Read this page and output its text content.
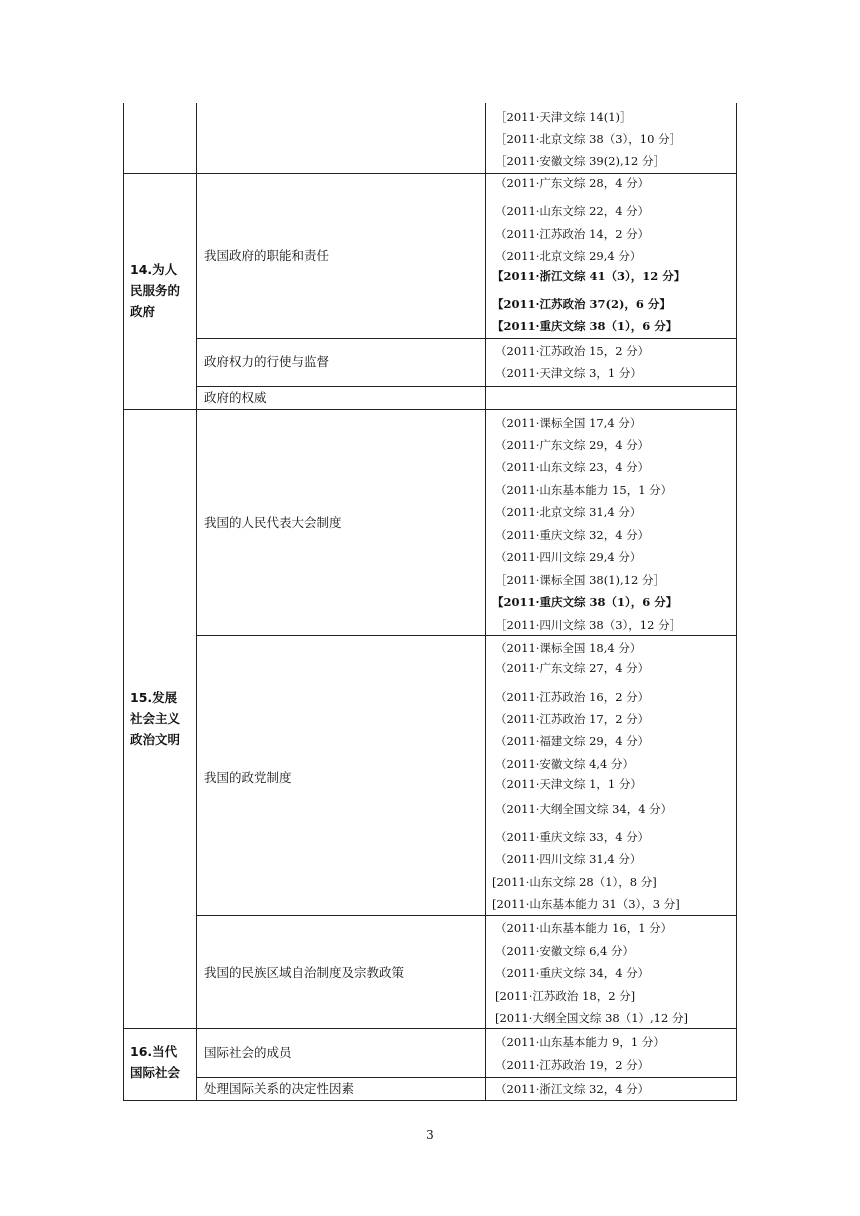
［2011·天津文综 14(1)］
［2011·北京文综 38（3），10 分］
［2011·安徽文综 39(2),12 分］
14.为人
民服务的
政府
我国政府的职能和责任
（2011·广东文综 28，4 分）
（2011·山东文综 22，4 分）
（2011·江苏政治 14，2 分）
（2011·北京文综 29,4 分）
【2011·浙江文综 41（3），12 分】
【2011·江苏政治 37(2)，6 分】
【2011·重庆文综 38（1），6 分】
政府权力的行使与监督
（2011·江苏政治 15，2 分）
（2011·天津文综 3，1 分）
政府的权威
15.发展
社会主义
政治文明
我国的人民代表大会制度
（2011·课标全国 17,4 分）
（2011·广东文综 29，4 分）
（2011·山东文综 23，4 分）
（2011·山东基本能力 15，1 分）
（2011·北京文综 31,4 分）
（2011·重庆文综 32，4 分）
（2011·四川文综 29,4 分）
［2011·课标全国 38(1),12 分］
【2011·重庆文综 38（1），6 分】
［2011·四川文综 38（3），12 分］
我国的政党制度
（2011·课标全国 18,4 分）
（2011·广东文综 27，4 分）
（2011·江苏政治 16，2 分）
（2011·江苏政治 17，2 分）
（2011·福建文综 29，4 分）
（2011·安徽文综 4,4 分）
（2011·天津文综 1，1 分）
（2011·大纲全国文综 34，4 分）
（2011·重庆文综 33，4 分）
（2011·四川文综 31,4 分）
[2011·山东文综 28（1），8 分]
[2011·山东基本能力 31（3），3 分]
我国的民族区域自治制度及宗教政策
（2011·山东基本能力 16，1 分）
（2011·安徽文综 6,4 分）
（2011·重庆文综 34，4 分）
[2011·江苏政治 18，2 分]
[2011·大纲全国文综 38（1）,12 分]
16.当代
国际社会
国际社会的成员
（2011·山东基本能力 9，1 分）
（2011·江苏政治 19，2 分）
处理国际关系的决定性因素	（2011·浙江文综 32，4 分）
3
